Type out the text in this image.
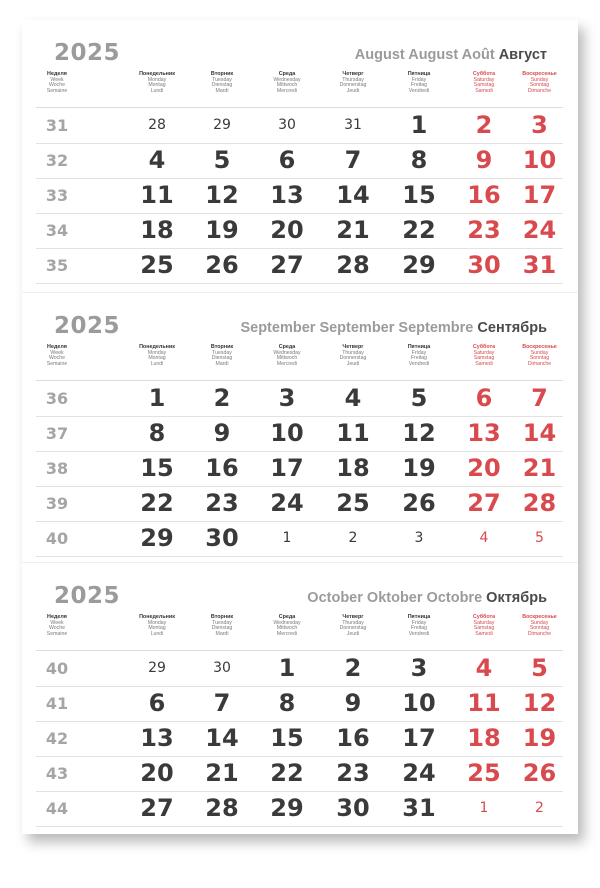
2025	August August Août Август
Неделя
Week
Woche
Semaine
Понедельник
Monday
Montag
Lundi
Вторник
Tuesday
Dienstag
Mardi
Среда
Wednesday
Mittwoch
Mercredi
Четверг
Thursday
Donnerstag
Jeudi
Пятница
Friday
Freitag
Vendredi
Суббота
Saturday
Samstag
Samedi
Воскресенье
Sunday
Sonntag
Dimanche
31	28	29	30	31	1	2	3
32	4	5	6	7	8	9	10
33	11	12	13	14	15	16 17
34	18	19	20	21	22	23 24
35	25	26	27	28	29	30 31
2025	September September Septembre Сентябрь
Неделя
Week
Woche
Semaine
Понедельник
Monday
Montag
Lundi
Вторник
Tuesday
Dienstag
Mardi
Среда
Wednesday
Mittwoch
Mercredi
Четверг
Thursday
Donnerstag
Jeudi
Пятница
Friday
Freitag
Vendredi
Суббота
Saturday
Samstag
Samedi
Воскресенье
Sunday
Sonntag
Dimanche
36	1	2	3	4	5	6	7
37	8	9	10	11	12	13 14
38	15	16	17	18	19	20 21
39	22	23	24	25	26	27 28
40	29	30	1	2	3	4	5
2025	October Oktober Octobre Октябрь
Неделя
Week
Woche
Semaine
Понедельник
Monday
Montag
Lundi
Вторник
Tuesday
Dienstag
Mardi
Среда
Wednesday
Mittwoch
Mercredi
Четверг
Thursday
Donnerstag
Jeudi
Пятница
Friday
Freitag
Vendredi
Суббота
Saturday
Samstag
Samedi
Воскресенье
Sunday
Sonntag
Dimanche
40	29	30	1	2	3	4	5
41	6	7	8	9	10	11 12
42	13	14	15	16	17	18 19
43	20	21	22	23	24	25 26
44	27	28	29	30	31	1	2
